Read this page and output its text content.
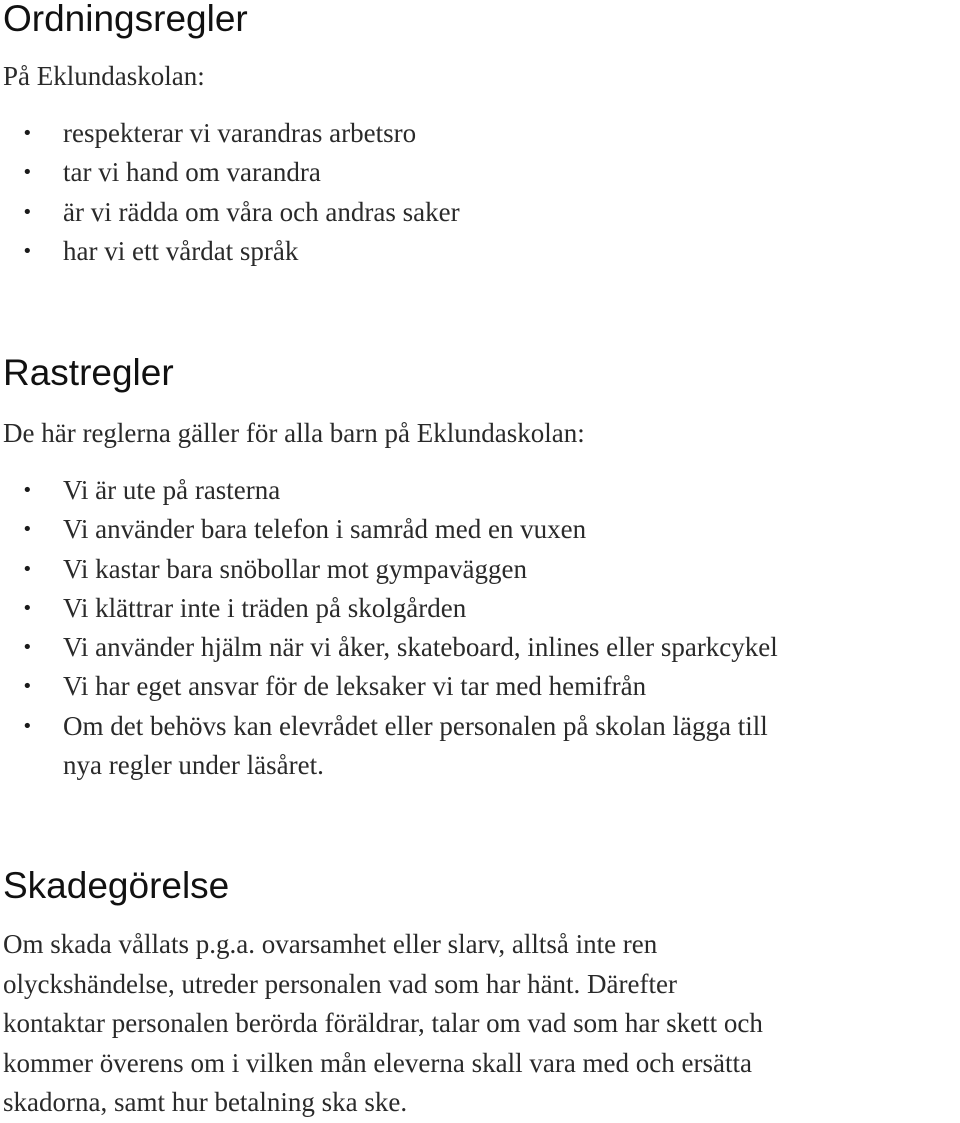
Ordningsregler

På Eklundaskolan:

• respekterar vi varandras arbetsro
• tar vi hand om varandra
• är vi rädda om våra och andras saker
• har vi ett vårdat språk
Rastregler

De här reglerna gäller för alla barn på Eklundaskolan:

• Vi är ute på rasterna
• Vi använder bara telefon i samråd med en vuxen
• Vi kastar bara snöbollar mot gympaväggen
• Vi klättrar inte i träden på skolgården
• Vi använder hjälm när vi åker, skateboard, inlines eller sparkcykel
• Vi har eget ansvar för de leksaker vi tar med hemifrån
• Om det behövs kan elevrådet eller personalen på skolan lägga till
nya regler under läsåret.
Skadegörelse
Om skada vållats p.g.a. ovarsamhet eller slarv, alltså inte ren
olyckshändelse, utreder personalen vad som har hänt. Därefter
kontaktar personalen berörda föräldrar, talar om vad som har skett och
kommer överens om i vilken mån eleverna skall vara med och ersätta
skadorna, samt hur betalning ska ske.
